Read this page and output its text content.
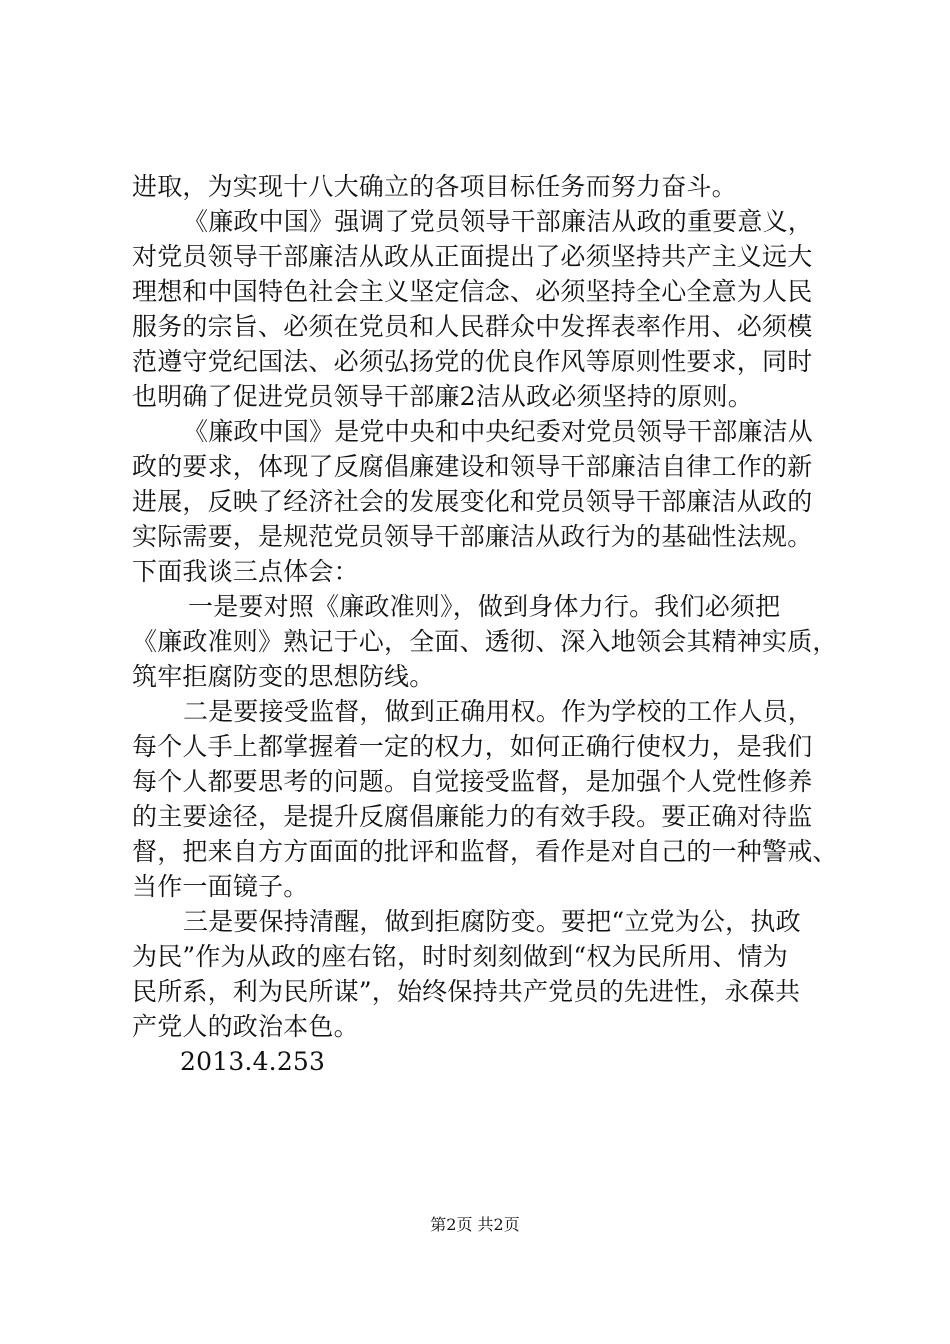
进取，为实现十八大确立的各项目标任务而努力奋斗。
《廉政中国》强调了党员领导干部廉洁从政的重要意义，
对党员领导干部廉洁从政从正面提出了必须坚持共产主义远大
理想和中国特色社会主义坚定信念、必须坚持全心全意为人民
服务的宗旨、必须在党员和人民群众中发挥表率作用、必须模
范遵守党纪国法、必须弘扬党的优良作风等原则性要求，同时
也明确了促进党员领导干部廉2洁从政必须坚持的原则。
《廉政中国》是党中央和中央纪委对党员领导干部廉洁从
政的要求，体现了反腐倡廉建设和领导干部廉洁自律工作的新
进展，反映了经济社会的发展变化和党员领导干部廉洁从政的
实际需要，是规范党员领导干部廉洁从政行为的基础性法规。
下面我谈三点体会：
一是要对照《廉政准则》，做到身体力行。我们必须把
《廉政准则》熟记于心，全面、透彻、深入地领会其精神实质，
筑牢拒腐防变的思想防线。
二是要接受监督，做到正确用权。作为学校的工作人员，
每个人手上都掌握着一定的权力，如何正确行使权力，是我们
每个人都要思考的问题。自觉接受监督，是加强个人党性修养
的主要途径，是提升反腐倡廉能力的有效手段。要正确对待监
督，把来自方方面面的批评和监督，看作是对自己的一种警戒、
当作一面镜子。
三是要保持清醒，做到拒腐防变。要把“立党为公，执政
为民”作为从政的座右铭，时时刻刻做到“权为民所用、情为
民所系，利为民所谋”，始终保持共产党员的先进性，永葆共
产党人的政治本色。
2013.4.253
第2页 共2页
